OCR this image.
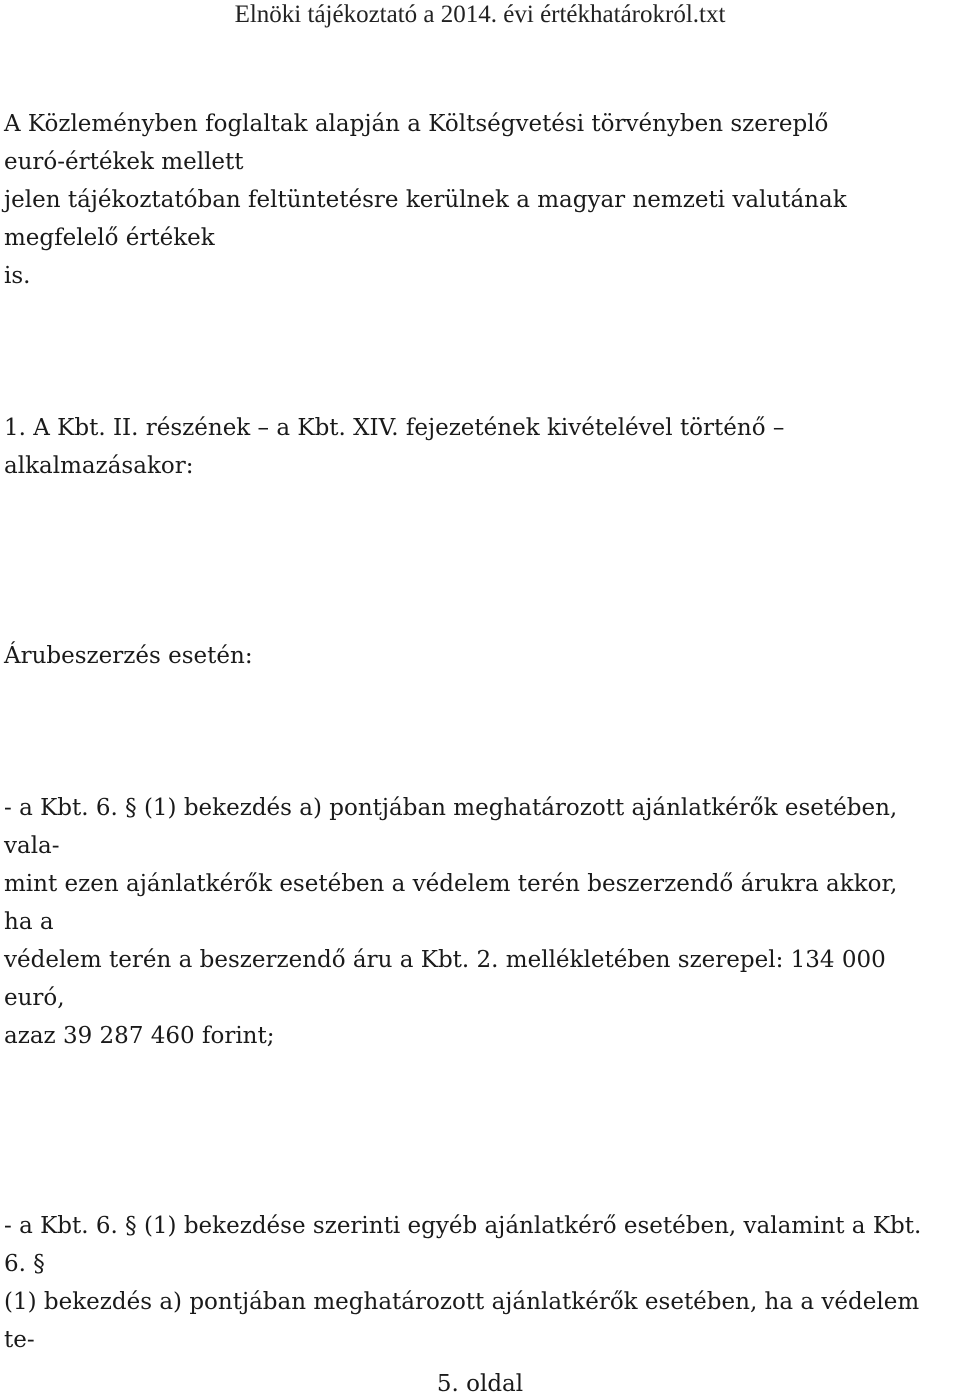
Elnöki tájékoztató a 2014. évi értékhatárokról.txt
A Közleményben foglaltak alapján a Költségvetési törvényben szereplő
euró-értékek mellett
jelen tájékoztatóban feltüntetésre kerülnek a magyar nemzeti valutának
megfelelő értékek
is.
1. A Kbt. II. részének – a Kbt. XIV. fejezetének kivételével történő –
alkalmazásakor:
Árubeszerzés esetén:
- a Kbt. 6. § (1) bekezdés a) pontjában meghatározott ajánlatkérők esetében,
vala-
mint ezen ajánlatkérők esetében a védelem terén beszerzendő árukra akkor,
ha a
védelem terén a beszerzendő áru a Kbt. 2. mellékletében szerepel: 134 000
euró,
azaz 39 287 460 forint;
- a Kbt. 6. § (1) bekezdése szerinti egyéb ajánlatkérő esetében, valamint a Kbt.
6. §
(1) bekezdés a) pontjában meghatározott ajánlatkérők esetében, ha a védelem
te-
5. oldal
